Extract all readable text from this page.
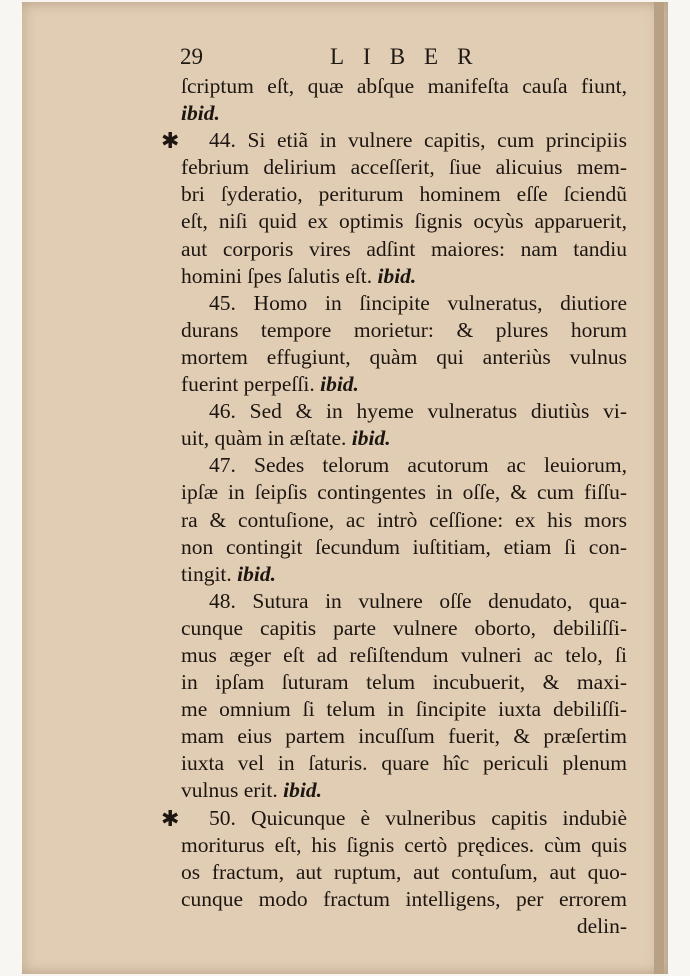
29	LIBER
ſcriptum eſt, quæ abſque manifeſta cauſa fiunt,
ibid.
✱	44. Si etiã in vulnere capitis, cum principiis
febrium delirium acceſſerit, ſiue alicuius mem-
bri ſyderatio, periturum hominem eſſe ſciendũ
eſt, niſi quid ex optimis ſignis ocyùs apparuerit,
aut corporis vires adſint maiores: nam tandiu
homini ſpes ſalutis eſt. ibid.
45. Homo in ſincipite vulneratus, diutiore
durans tempore morietur: & plures horum
mortem effugiunt, quàm qui anteriùs vulnus
fuerint perpeſſi. ibid.
46. Sed & in hyeme vulneratus diutiùs vi-
uit, quàm in æſtate. ibid.
47. Sedes telorum acutorum ac leuiorum,
ipſæ in ſeipſis contingentes in oſſe, & cum fiſſu-
ra & contuſione, ac intrò ceſſione: ex his mors
non contingit ſecundum iuſtitiam, etiam ſi con-
tingit. ibid.
48. Sutura in vulnere oſſe denudato, qua-
cunque capitis parte vulnere oborto, debiliſſi-
mus æger eſt ad reſiſtendum vulneri ac telo, ſi
in ipſam ſuturam telum incubuerit, & maxi-
me omnium ſi telum in ſincipite iuxta debiliſſi-
mam eius partem incuſſum fuerit, & præſertim
iuxta vel in ſaturis. quare hîc periculi plenum
vulnus erit. ibid.
✱	50. Quicunque è vulneribus capitis indubiè
moriturus eſt, his ſignis certò prędices. cùm quis
os fractum, aut ruptum, aut contuſum, aut quo-
cunque modo fractum intelligens, per errorem
delin-
